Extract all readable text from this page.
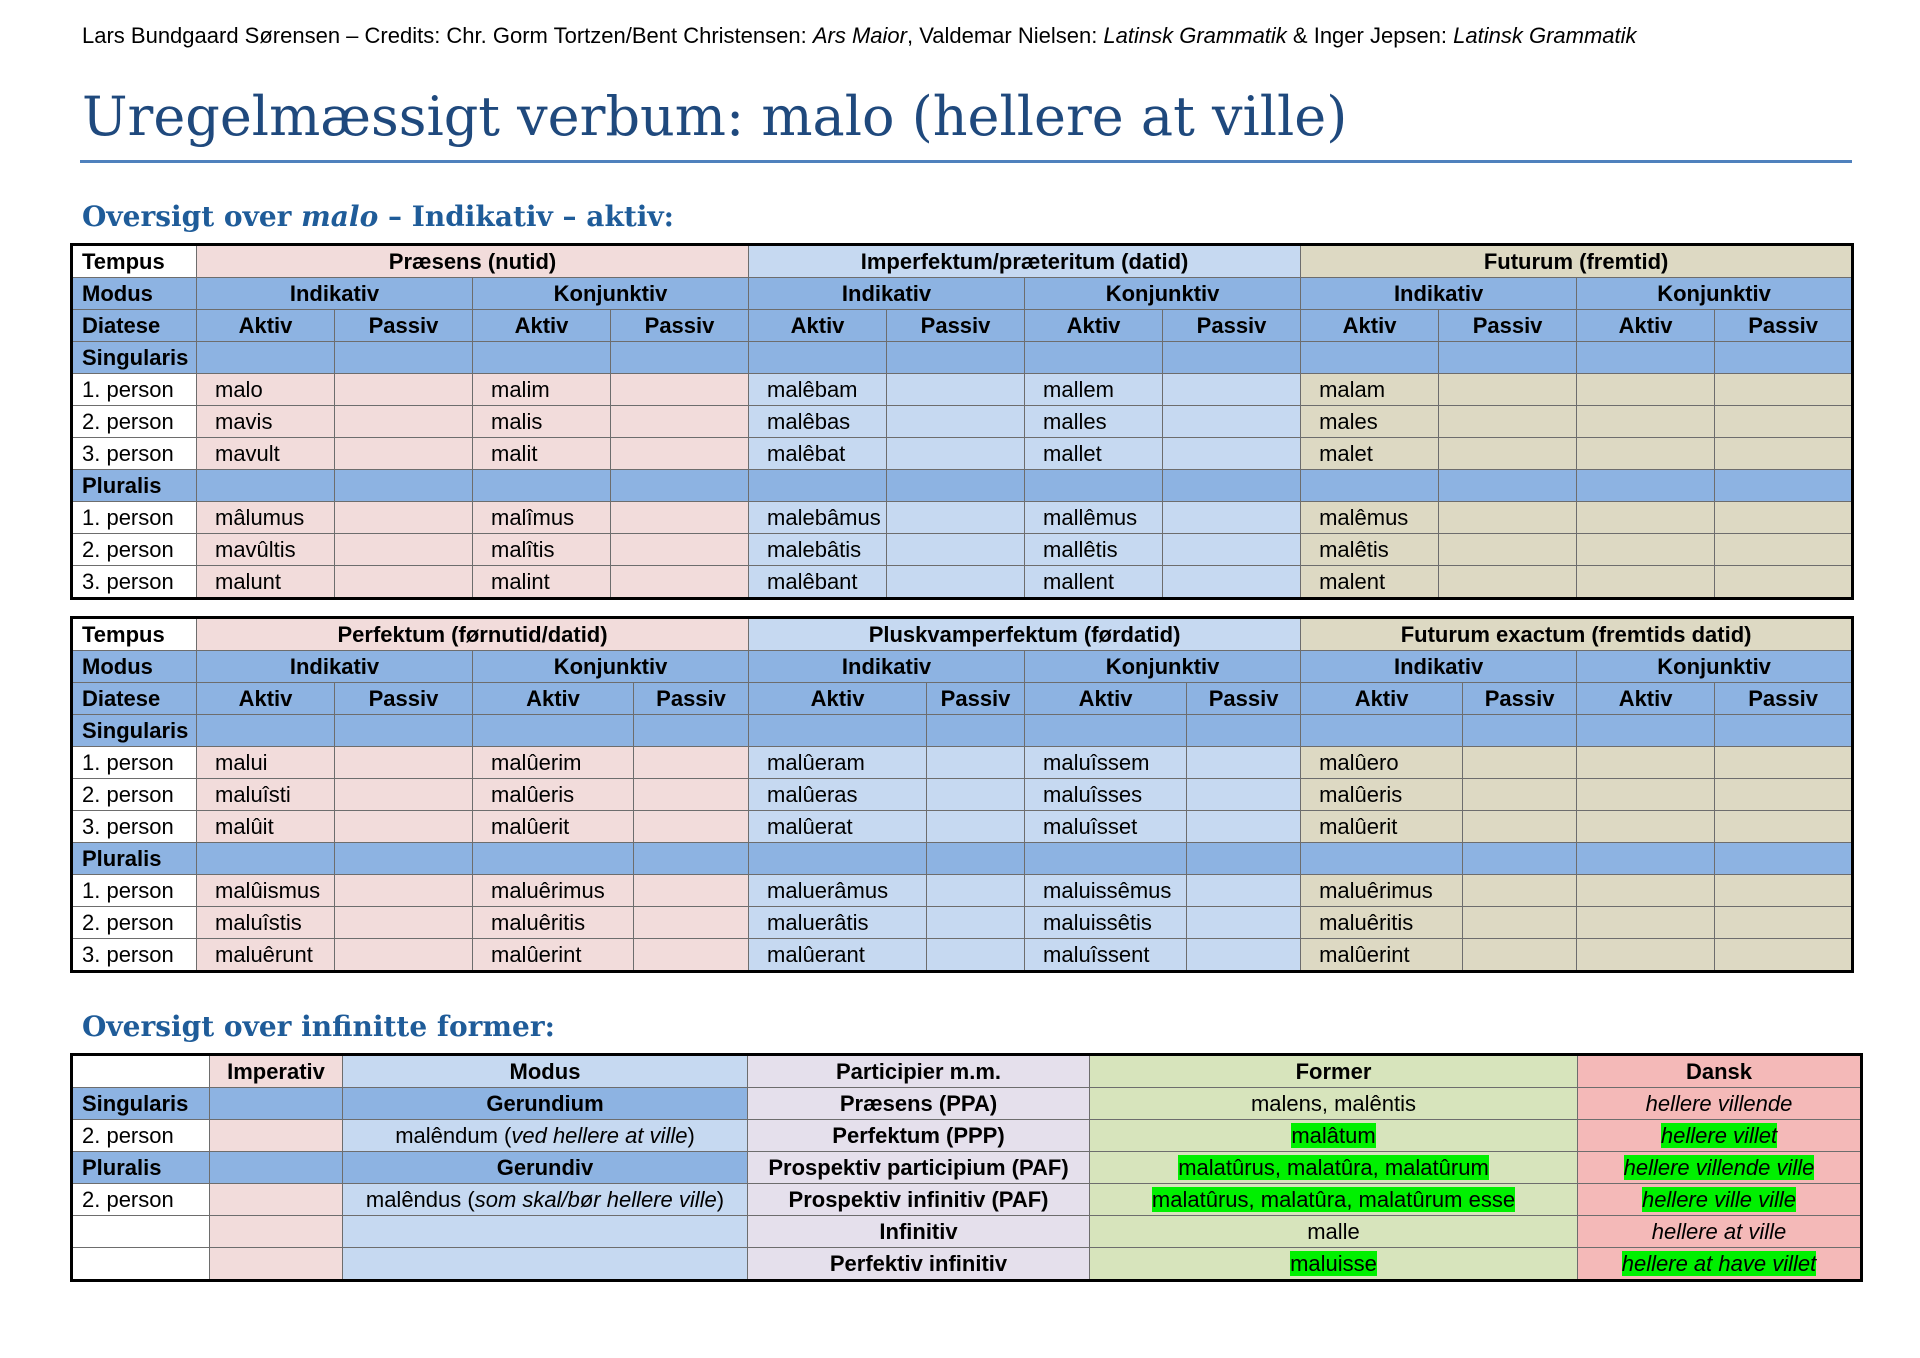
Lars Bundgaard Sørensen – Credits: Chr. Gorm Tortzen/Bent Christensen: Ars Maior, Valdemar Nielsen: Latinsk Grammatik & Inger Jepsen: Latinsk Grammatik
Uregelmæssigt verbum: malo (hellere at ville)
Oversigt over malo – Indikativ – aktiv:
Tempus	Præsens (nutid)				Imperfektum/præteritum (datid)				Futurum (fremtid)			
Modus	Indikativ		Konjunktiv		Indikativ		Konjunktiv		Indikativ		Konjunktiv	
Diatese	Aktiv	Passiv	Aktiv	Passiv	Aktiv	Passiv	Aktiv	Passiv	Aktiv	Passiv	Aktiv	Passiv
Singularis												
1. person	malo		malim		malêbam		mallem		malam			
2. person	mavis		malis		malêbas		malles		males			
3. person	mavult		malit		malêbat		mallet		malet			
Pluralis												
1. person	mâlumus		malîmus		malebâmus		mallêmus		malêmus			
2. person	mavûltis		malîtis		malebâtis		mallêtis		malêtis			
3. person	malunt		malint		malêbant		mallent		malent			
Tempus	Perfektum (førnutid/datid)				Pluskvamperfektum (førdatid)				Futurum exactum (fremtids datid)			
Modus	Indikativ		Konjunktiv		Indikativ		Konjunktiv		Indikativ		Konjunktiv	
Diatese	Aktiv	Passiv	Aktiv	Passiv	Aktiv	Passiv	Aktiv	Passiv	Aktiv	Passiv	Aktiv	Passiv
Singularis												
1. person	malui		malûerim		malûeram		maluîssem		malûero			
2. person	maluîsti		malûeris		malûeras		maluîsses		malûeris			
3. person	malûit		malûerit		malûerat		maluîsset		malûerit			
Pluralis												
1. person	malûismus		maluêrimus		maluerâmus		maluissêmus		maluêrimus			
2. person	maluîstis		maluêritis		maluerâtis		maluissêtis		maluêritis			
3. person	maluêrunt		malûerint		malûerant		maluîssent		malûerint			
Oversigt over infinitte former:
	Imperativ	Modus	Participier m.m.	Former	Dansk
Singularis		Gerundium	Præsens (PPA)	malens, malêntis	hellere villende
2. person		malêndum (ved hellere at ville)	Perfektum (PPP)	malâtum	hellere villet
Pluralis		Gerundiv	Prospektiv participium (PAF)	malatûrus, malatûra, malatûrum	hellere villende ville
2. person		malêndus (som skal/bør hellere ville)	Prospektiv infinitiv (PAF)	malatûrus, malatûra, malatûrum esse	hellere ville ville
			Infinitiv	malle	hellere at ville
			Perfektiv infinitiv	maluisse	hellere at have villet
